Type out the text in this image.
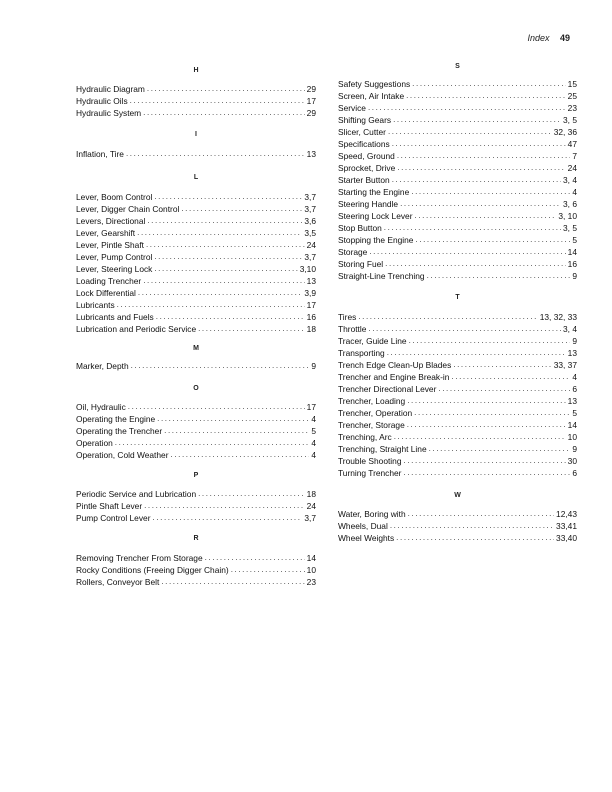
Index 49
H
Hydraulic Diagram .....	29
Hydraulic Oils .....	17
Hydraulic System .....	29
I
Inflation, Tire .....	13
L
Lever, Boom Control .....	3,7
Lever, Digger Chain Control .....	3,7
Levers, Directional .....	3,6
Lever, Gearshift .....	3,5
Lever, Pintle Shaft .....	24
Lever, Pump Control .....	3,7
Lever, Steering Lock .....	3,10
Loading Trencher .....	13
Lock Differential .....	3,9
Lubricants .....	17
Lubricants and Fuels .....	16
Lubrication and Periodic Service .....	18
M
Marker, Depth .....	9
O
Oil, Hydraulic .....	17
Operating the Engine .....	4
Operating the Trencher .....	5
Operation .....	4
Operation, Cold Weather .....	4
P
Periodic Service and Lubrication .....	18
Pintle Shaft Lever .....	24
Pump Control Lever .....	3,7
R
Removing Trencher From Storage .....	14
Rocky Conditions (Freeing Digger Chain) .....	10
Rollers, Conveyor Belt .....	23
S
Safety Suggestions .....	15
Screen, Air Intake .....	25
Service .....	23
Shifting Gears .....	3, 5
Slicer, Cutter .....	32, 36
Specifications .....	47
Speed, Ground .....	7
Sprocket, Drive .....	24
Starter Button .....	3, 4
Starting the Engine .....	4
Steering Handle .....	3, 6
Steering Lock Lever .....	3, 10
Stop Button .....	3, 5
Stopping the Engine .....	5
Storage .....	14
Storing Fuel .....	16
Straight-Line Trenching .....	9
T
Tires .....	13, 32, 33
Throttle .....	3, 4
Tracer, Guide Line .....	9
Transporting .....	13
Trench Edge Clean-Up Blades .....	33, 37
Trencher and Engine Break-in .....	4
Trencher Directional Lever .....	6
Trencher, Loading .....	13
Trencher, Operation .....	5
Trencher, Storage .....	14
Trenching, Arc .....	10
Trenching, Straight Line .....	9
Trouble Shooting .....	30
Turning Trencher .....	6
W
Water, Boring with .....	12,43
Wheels, Dual .....	33,41
Wheel Weights .....	33,40
